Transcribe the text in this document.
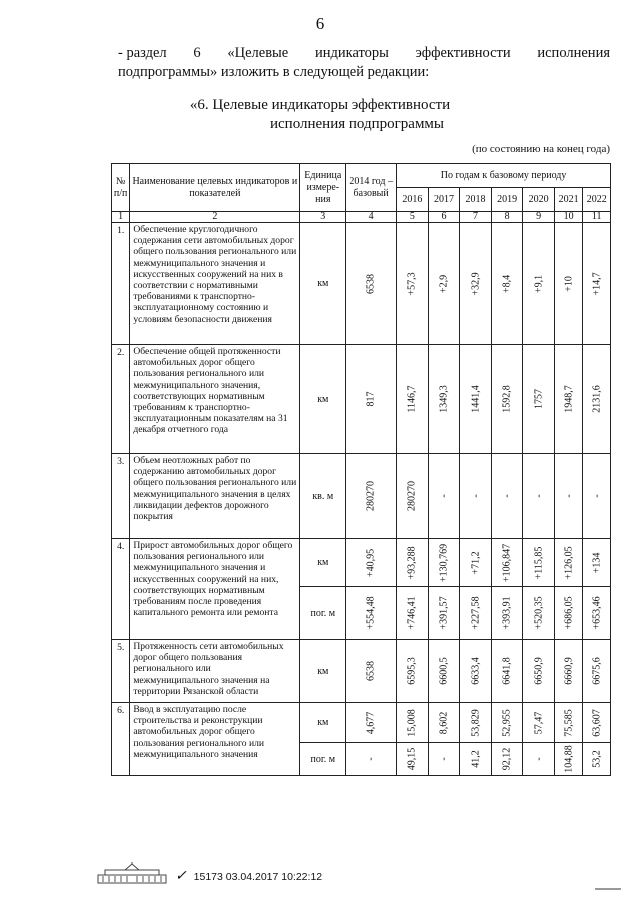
6
- раздел 6 «Целевые индикаторы эффективности исполнения
подпрограммы» изложить в следующей редакции:
«6. Целевые индикаторы эффективности
исполнения подпрограммы
(по состоянию на конец года)
№ п/п	Наименование целевых индикаторов и показателей	Единица измере-ния	2014 год – базовый	По годам к базовому периоду						
				2016	2017	2018	2019	2020	2021	2022
1	2	3	4	5	6	7	8	9	10	11
1.	Обеспечение круглогодичного содержания сети автомобильных дорог общего пользования регионального или межмуниципального значения и искусственных сооружений на них в соответствии с нормативными требованиями к транспортно-эксплуатационному состоянию и условиям безопасности движения	км	6538	+57,3	+2,9	+32,9	+8,4	+9,1	+10	+14,7

2.	Обеспечение общей протяженности автомобильных дорог общего пользования регионального или межмуниципального значения, соответствующих нормативным требованиям к транспортно-эксплуатационным показателям на 31 декабря отчетного года	км	817	1146,7	1349,3	1441,4	1592,8	1757	1948,7	2131,6

3.	Объем неотложных работ по содержанию автомобильных дорог общего пользования регионального или межмуниципального значения в целях ликвидации дефектов дорожного покрытия	кв. м	280270	280270	-	-	-	-	-	-

4.	Прирост автомобильных дорог общего пользования регионального или межмуниципального значения и искусственных сооружений на них, соответствующих нормативным требованиям после проведения капитального ремонта или ремонта	км	+40,95	+93,288	+130,769	+71,2	+106,847	+115,85	+126,05	+134

		пог. м	+554,48	+746,41	+391,57	+227,58	+393,91	+520,35	+686,05	+653,46

5.	Протяженность сети автомобильных дорог общего пользования регионального или межмуниципального значения на территории Рязанской области	км	6538	6595,3	6600,5	6633,4	6641,8	6650,9	6660,9	6675,6

6.	Ввод в эксплуатацию после строительства и реконструкции автомобильных дорог общего пользования регионального или межмуниципального значения	км	4,677	15,008	8,602	53,829	52,955	57,47	75,585	63,607

		пог. м	-	49,15	-	41,2	92,12	-	104,88	53,2
✓ 15173 03.04.2017 10:22:12
